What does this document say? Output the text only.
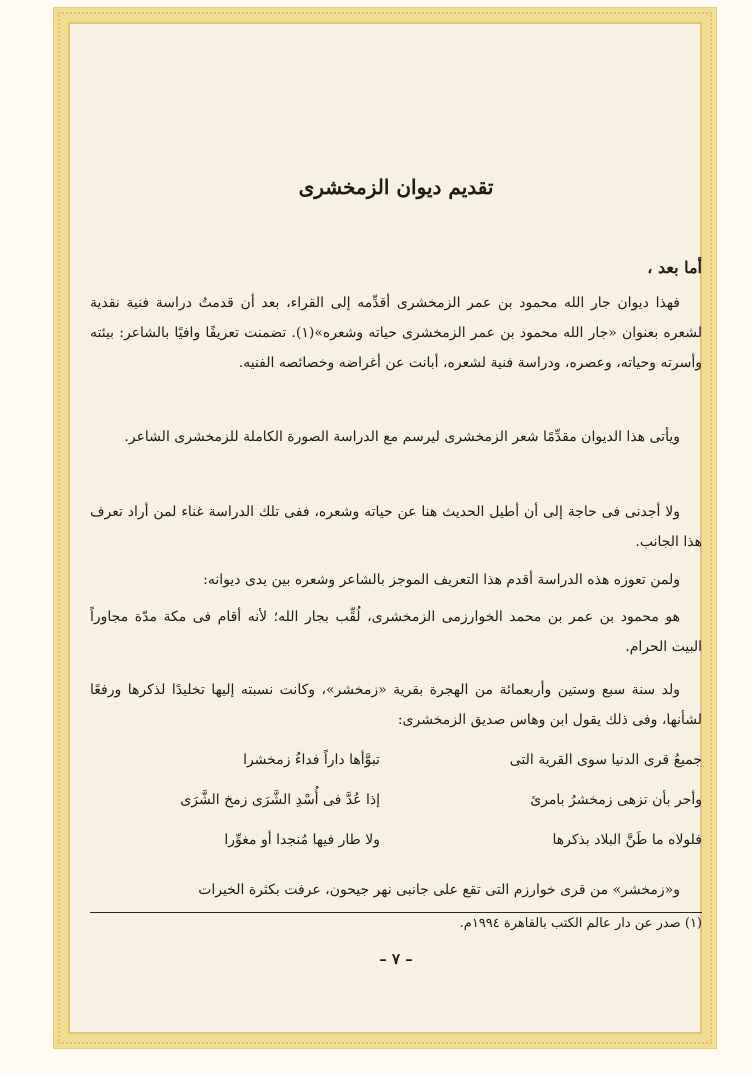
تقديم ديوان الزمخشرى
أما بعد ،
فهذا ديوان جار الله محمود بن عمر الزمخشرى أقدِّمه إلى القراء، بعد أن قدمتُ دراسة فنية نقدية لشعره بعنوان «جار الله محمود بن عمر الزمخشرى حياته وشعره»(١). تضمنت تعريفًا وافيًا بالشاعر: بيئته وأسرته وحياته، وعصره، ودراسة فنية لشعره، أبانت عن أغراضه وخصائصه الفنيه.
ويأتى هذا الديوان مقدِّمًا شعر الزمخشرى ليرسم مع الدراسة الصورة الكاملة للزمخشرى الشاعر.
ولا أجدنى فى حاجة إلى أن أطيل الحديث هنا عن حياته وشعره، ففى تلك الدراسة غناء لمن أراد تعرف هذا الجانب.
ولمن تعوزه هذه الدراسة أقدم هذا التعريف الموجز بالشاعر وشعره بين يدى ديوانه:
هو محمود بن عمر بن محمد الخوارزمى الزمخشرى، لُقِّب بجار الله؛ لأنه أقام فى مكة مدّة مجاوراً البيت الحرام.
ولد سنة سبع وستين وأربعمائة من الهجرة بقرية «زمخشر»، وكانت نسبته إليها تخليدًا لذكرها ورفعًا لشأنها، وفى ذلك يقول ابن وهاس صديق الزمخشرى:
جميعُ قرى الدنيا سوى القرية التى
تبوَّأها داراً فداءُ زمخشرا
وأحر بأن تزهى زمخشرُ بامرئ
إذا عُدَّ فى أُسْدِ الشَّرَى زمخ الشَّرَى
فلولاه ما طَنَّ البلاد بذكرها
ولا طار فيها مُنجدا أو مغوِّرا
و«زمخشر» من قرى خوارزم التى تقع على جانبى نهر جيحون، عرفت بكثرة الخيرات
(١) صدر عن دار عالم الكتب بالقاهرة ١٩٩٤م.
– ٧ –
